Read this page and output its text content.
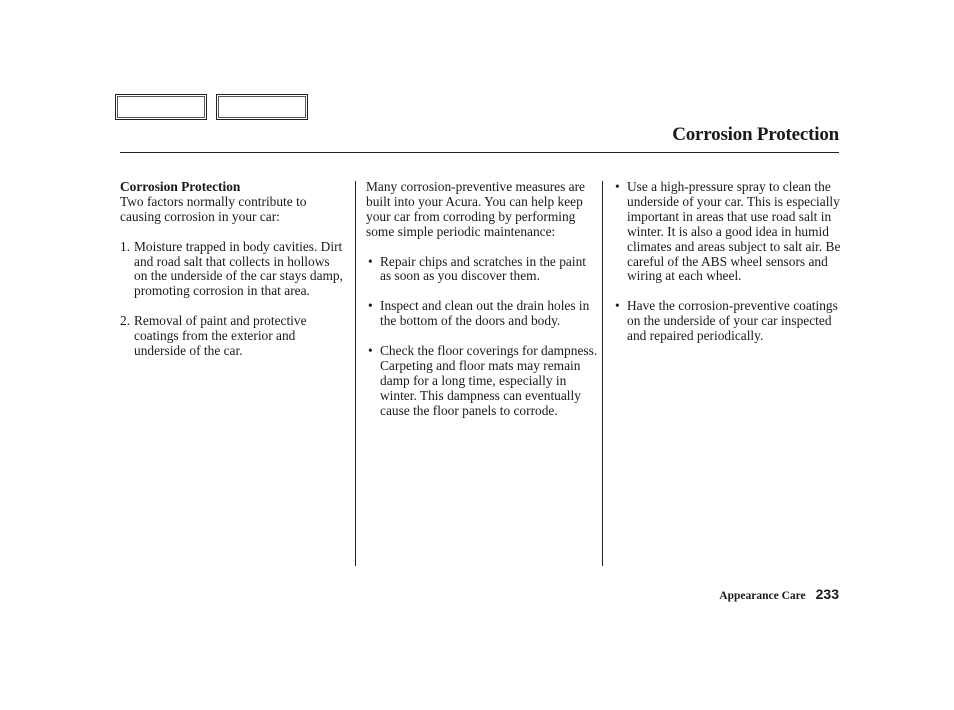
Corrosion Protection

Corrosion Protection

Two factors normally contribute to causing corrosion in your car:

1. Moisture trapped in body cavities. Dirt and road salt that collects in hollows on the underside of the car stays damp, promoting corrosion in that area.
2. Removal of paint and protective coatings from the exterior and underside of the car.

Many corrosion-preventive measures are built into your Acura. You can help keep your car from corroding by performing some simple periodic maintenance:

• Repair chips and scratches in the paint as soon as you discover them.
• Inspect and clean out the drain holes in the bottom of the doors and body.
• Check the floor coverings for dampness. Carpeting and floor mats may remain damp for a long time, especially in winter. This dampness can eventually cause the floor panels to corrode.
• Use a high-pressure spray to clean the underside of your car. This is especially important in areas that use road salt in winter. It is also a good idea in humid climates and areas subject to salt air. Be careful of the ABS wheel sensors and wiring at each wheel.
• Have the corrosion-preventive coatings on the underside of your car inspected and repaired periodically.
Appearance Care 233
